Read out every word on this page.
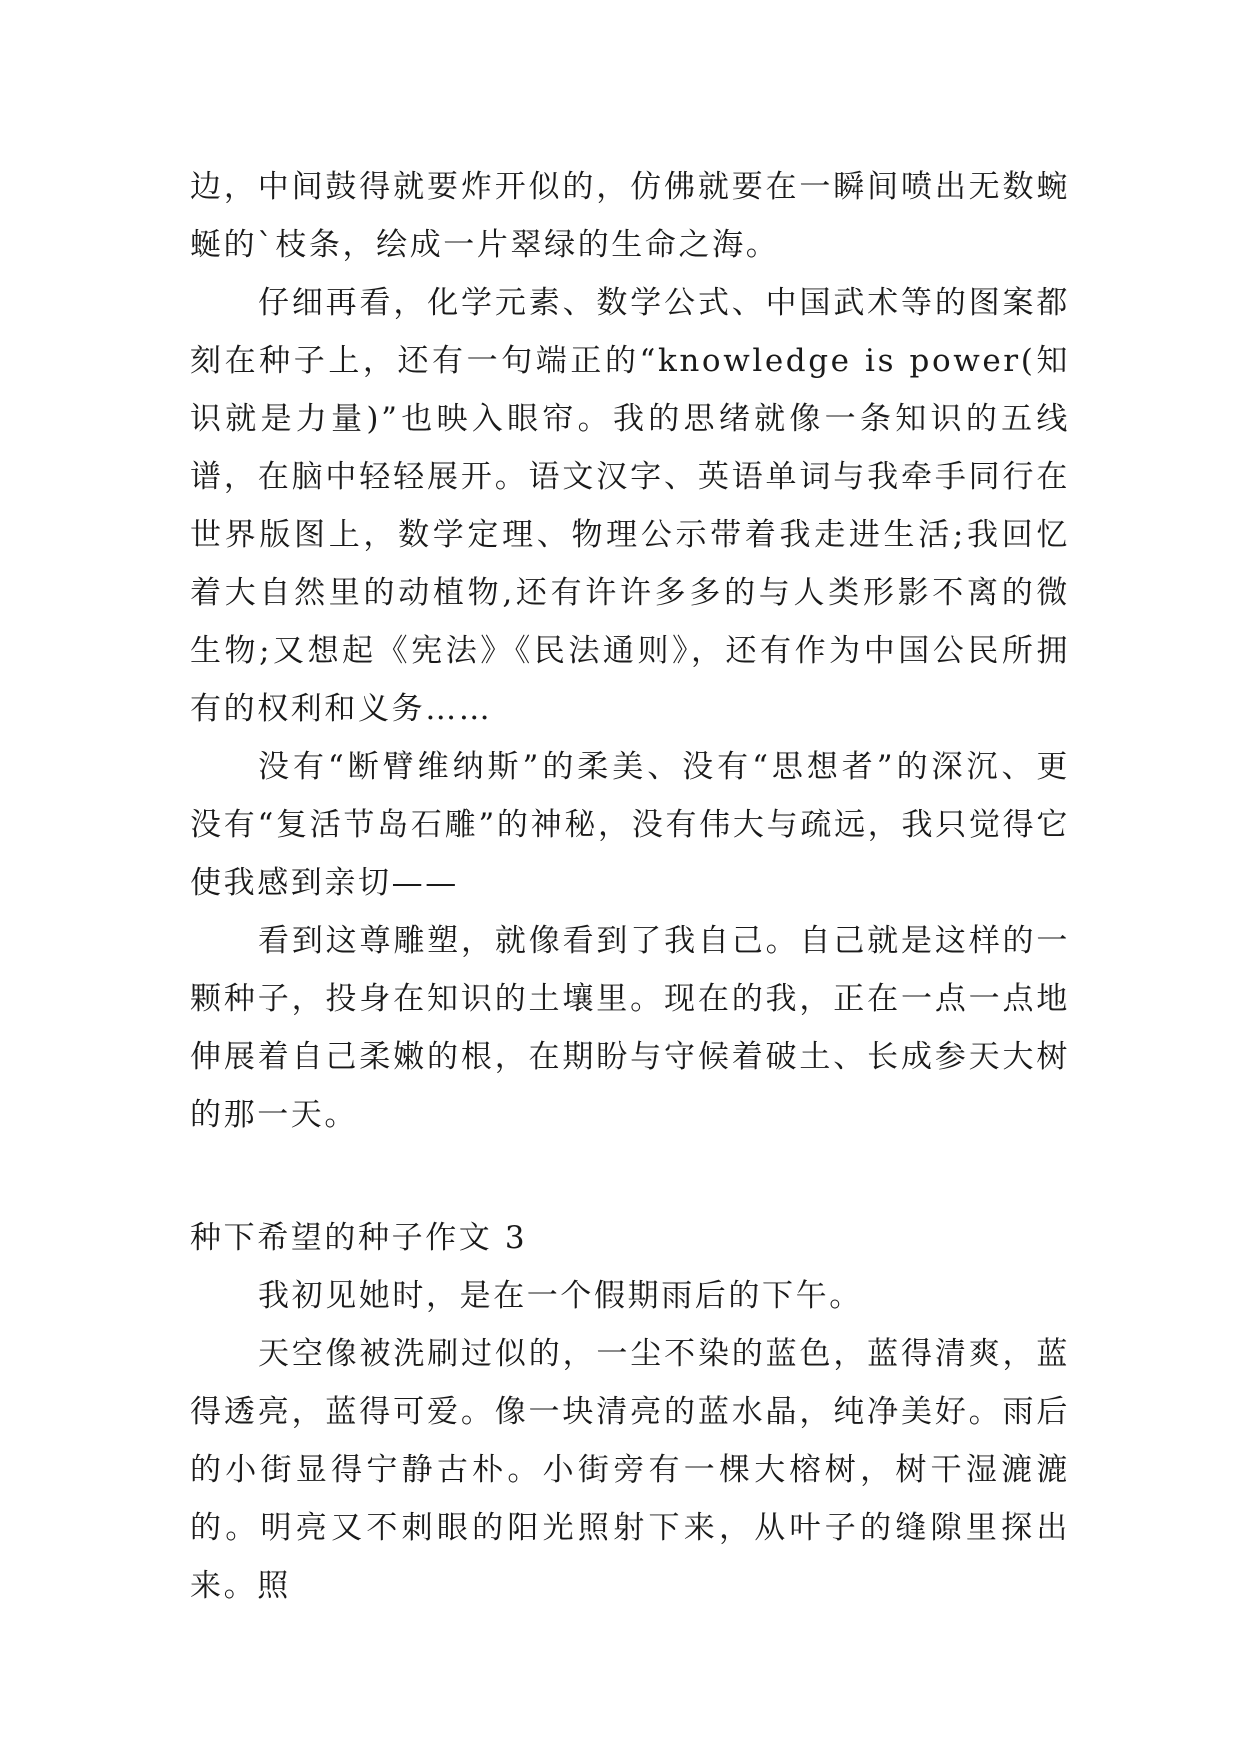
边，中间鼓得就要炸开似的，仿佛就要在一瞬间喷出无数蜿蜒的`枝条，绘成一片翠绿的生命之海。

仔细再看，化学元素、数学公式、中国武术等的图案都刻在种子上，还有一句端正的“knowledge is power(知识就是力量)”也映入眼帘。我的思绪就像一条知识的五线谱，在脑中轻轻展开。语文汉字、英语单词与我牵手同行在世界版图上，数学定理、物理公示带着我走进生活;我回忆着大自然里的动植物,还有许许多多的与人类形影不离的微生物;又想起《宪法》《民法通则》，还有作为中国公民所拥有的权利和义务……

没有“断臂维纳斯”的柔美、没有“思想者”的深沉、更没有“复活节岛石雕”的神秘，没有伟大与疏远，我只觉得它使我感到亲切——

看到这尊雕塑，就像看到了我自己。自己就是这样的一颗种子，投身在知识的土壤里。现在的我，正在一点一点地伸展着自己柔嫩的根，在期盼与守候着破土、长成参天大树的那一天。

种下希望的种子作文 3

我初见她时，是在一个假期雨后的下午。

天空像被洗刷过似的，一尘不染的蓝色，蓝得清爽，蓝得透亮，蓝得可爱。像一块清亮的蓝水晶，纯净美好。雨后的小街显得宁静古朴。小街旁有一棵大榕树，树干湿漉漉的。明亮又不刺眼的阳光照射下来，从叶子的缝隙里探出来。照
